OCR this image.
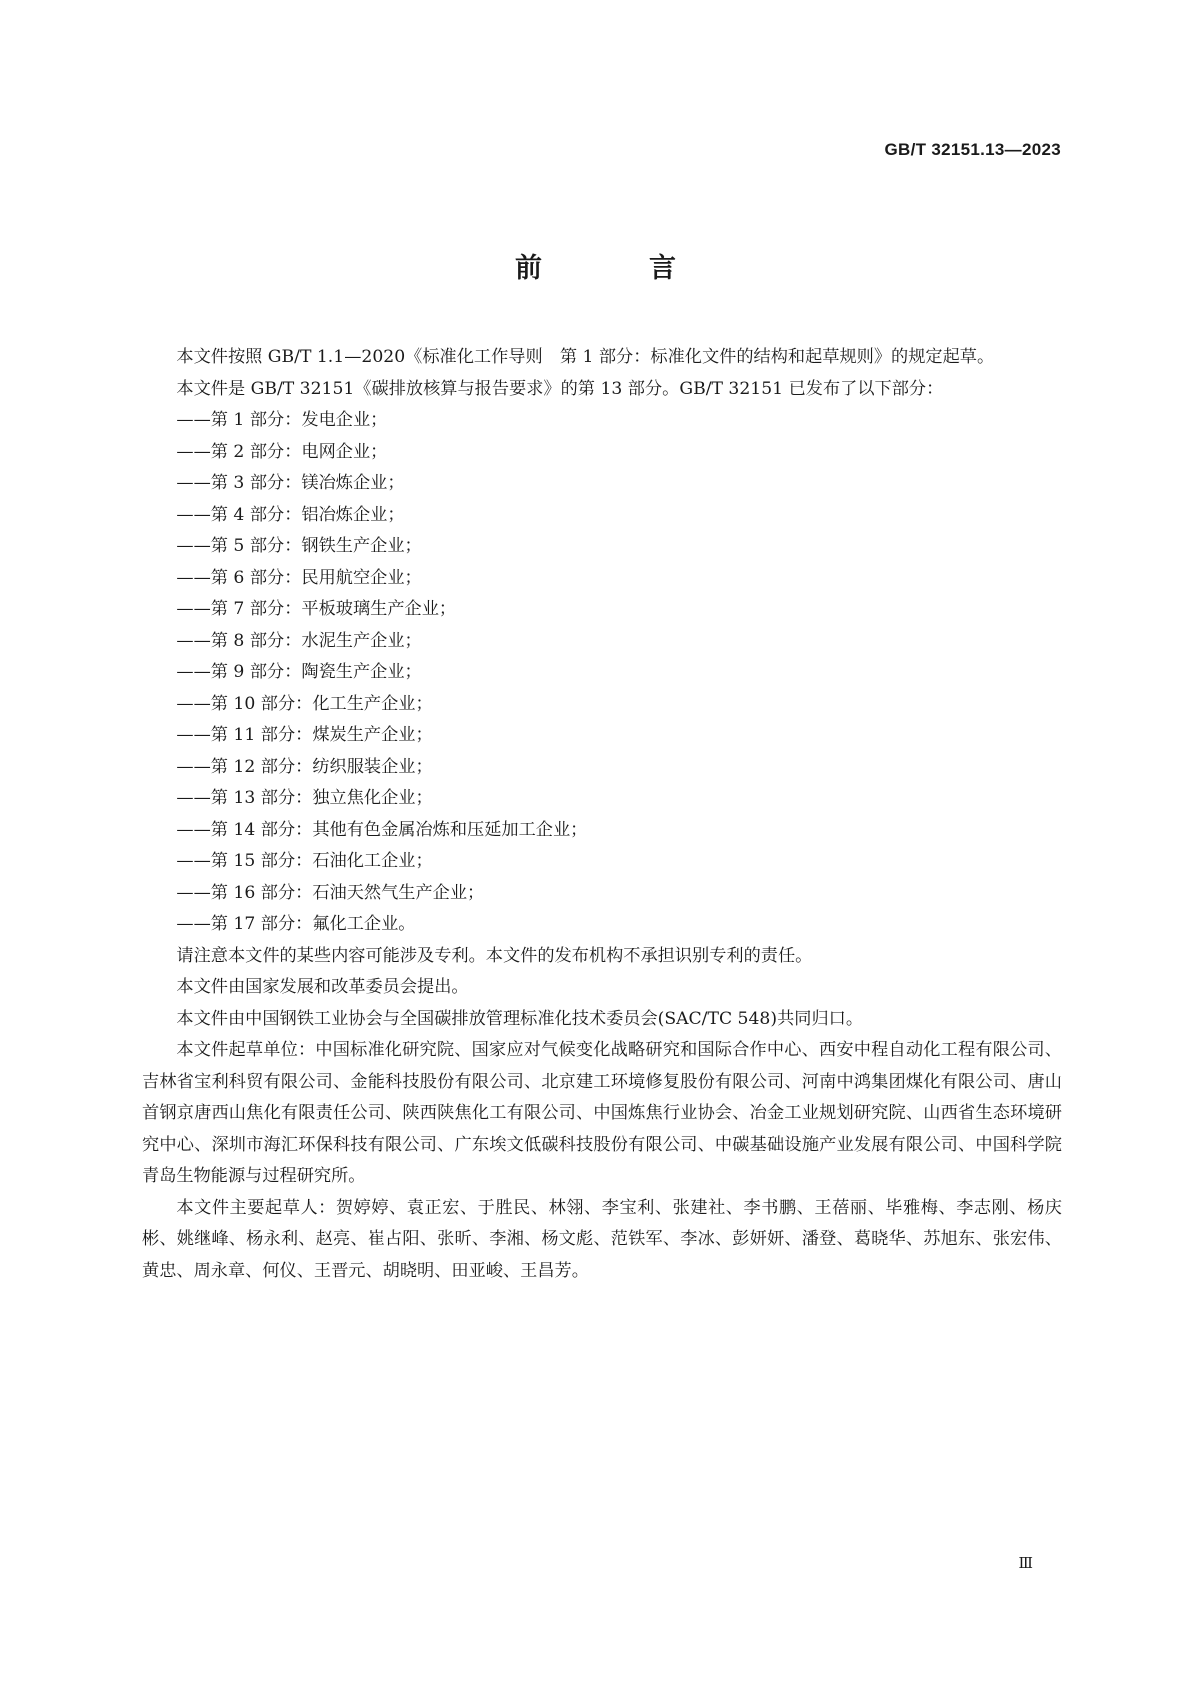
GB/T 32151.13—2023
前　言

本文件按照 GB/T 1.1—2020《标准化工作导则　第 1 部分：标准化文件的结构和起草规则》的规定起草。

本文件是 GB/T 32151《碳排放核算与报告要求》的第 13 部分。GB/T 32151 已发布了以下部分：

——第 1 部分：发电企业；
——第 2 部分：电网企业；
——第 3 部分：镁冶炼企业；
——第 4 部分：铝冶炼企业；
——第 5 部分：钢铁生产企业；
——第 6 部分：民用航空企业；
——第 7 部分：平板玻璃生产企业；
——第 8 部分：水泥生产企业；
——第 9 部分：陶瓷生产企业；
——第 10 部分：化工生产企业；
——第 11 部分：煤炭生产企业；
——第 12 部分：纺织服装企业；
——第 13 部分：独立焦化企业；
——第 14 部分：其他有色金属冶炼和压延加工企业；
——第 15 部分：石油化工企业；
——第 16 部分：石油天然气生产企业；
——第 17 部分：氟化工企业。

请注意本文件的某些内容可能涉及专利。本文件的发布机构不承担识别专利的责任。

本文件由国家发展和改革委员会提出。

本文件由中国钢铁工业协会与全国碳排放管理标准化技术委员会(SAC/TC 548)共同归口。

本文件起草单位：中国标准化研究院、国家应对气候变化战略研究和国际合作中心、西安中程自动化工程有限公司、吉林省宝利科贸有限公司、金能科技股份有限公司、北京建工环境修复股份有限公司、河南中鸿集团煤化有限公司、唐山首钢京唐西山焦化有限责任公司、陕西陕焦化工有限公司、中国炼焦行业协会、冶金工业规划研究院、山西省生态环境研究中心、深圳市海汇环保科技有限公司、广东埃文低碳科技股份有限公司、中碳基础设施产业发展有限公司、中国科学院青岛生物能源与过程研究所。

本文件主要起草人：贺婷婷、袁正宏、于胜民、林翎、李宝利、张建社、李书鹏、王蓓丽、毕雅梅、李志刚、杨庆彬、姚继峰、杨永利、赵亮、崔占阳、张昕、李湘、杨文彪、范铁军、李冰、彭妍妍、潘登、葛晓华、苏旭东、张宏伟、黄忠、周永章、何仪、王晋元、胡晓明、田亚峻、王昌芳。

Ⅲ
